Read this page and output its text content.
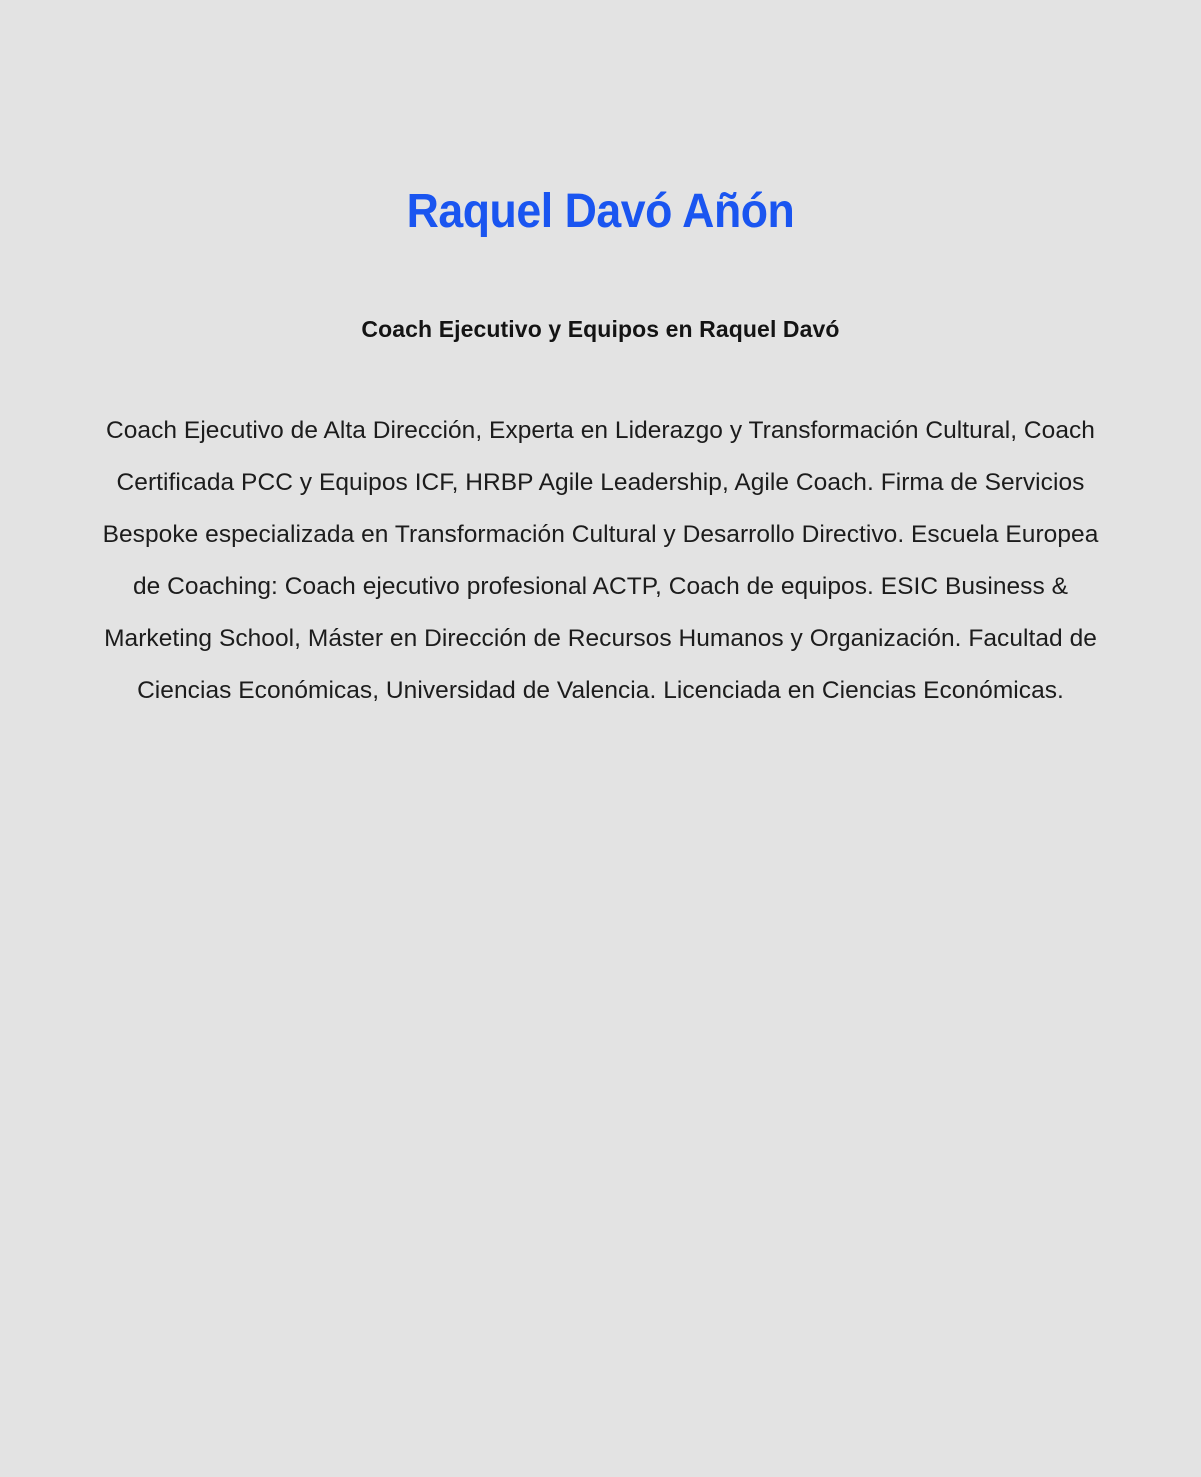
Raquel Davó Añón
Coach Ejecutivo y Equipos en Raquel Davó

Coach Ejecutivo de Alta Dirección, Experta en Liderazgo y Transformación Cultural, Coach Certificada PCC y Equipos ICF, HRBP Agile Leadership, Agile Coach. Firma de Servicios Bespoke especializada en Transformación Cultural y Desarrollo Directivo. Escuela Europea de Coaching: Coach ejecutivo profesional ACTP, Coach de equipos. ESIC Business & Marketing School, Máster en Dirección de Recursos Humanos y Organización. Facultad de Ciencias Económicas, Universidad de Valencia. Licenciada en Ciencias Económicas.
